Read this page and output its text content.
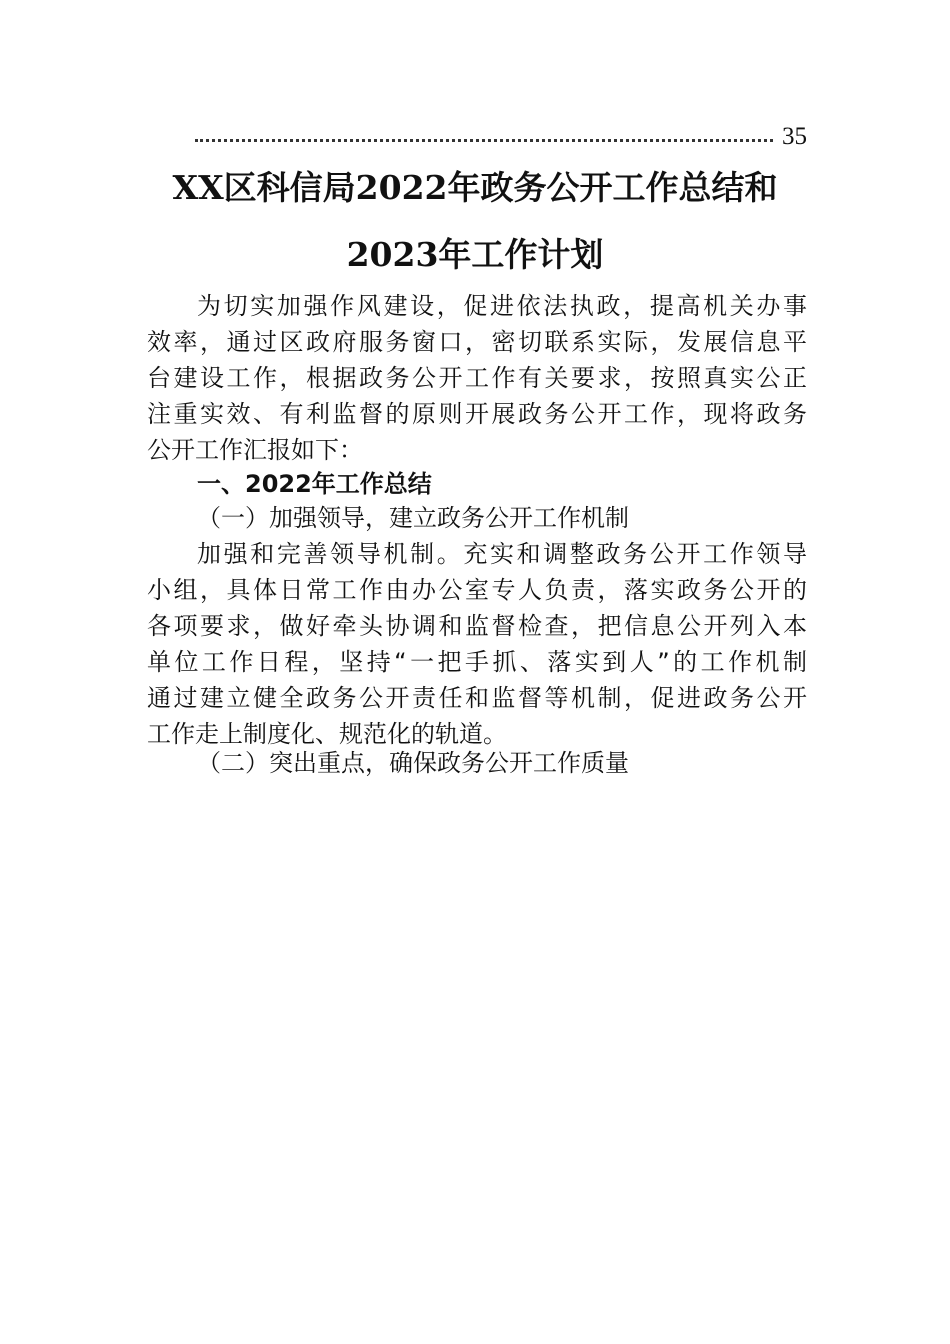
35
XX区科信局2022年政务公开工作总结和
2023年工作计划
为切实加强作风建设，促进依法执政，提高机关办事
效率，通过区政府服务窗口，密切联系实际，发展信息平
台建设工作，根据政务公开工作有关要求，按照真实公正
注重实效、有利监督的原则开展政务公开工作，现将政务
公开工作汇报如下：
一、2022年工作总结
（一）加强领导，建立政务公开工作机制
加强和完善领导机制。充实和调整政务公开工作领导
小组，具体日常工作由办公室专人负责，落实政务公开的
各项要求，做好牵头协调和监督检查，把信息公开列入本
单位工作日程，坚持“一把手抓、落实到人”的工作机制
通过建立健全政务公开责任和监督等机制，促进政务公开
工作走上制度化、规范化的轨道。
（二）突出重点，确保政务公开工作质量
